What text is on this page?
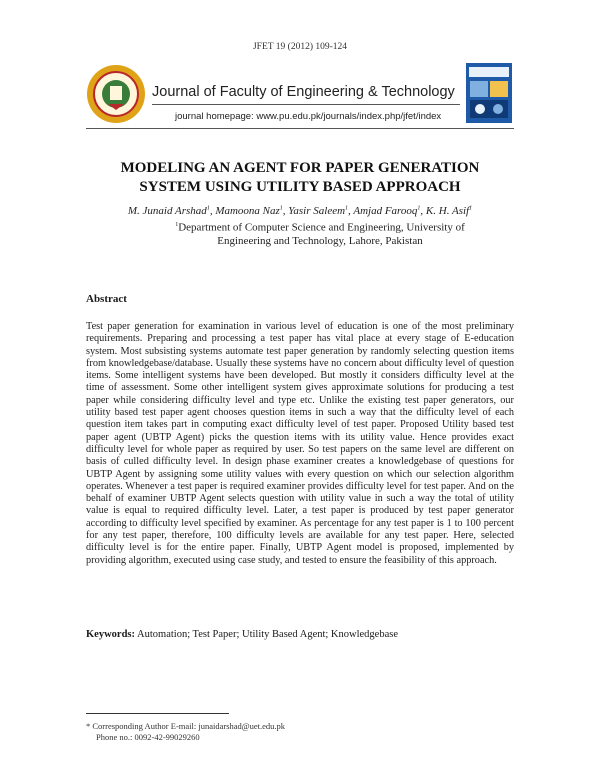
JFET 19 (2012) 109-124
Journal of Faculty of Engineering & Technology
journal homepage: www.pu.edu.pk/journals/index.php/jfet/index
MODELING AN AGENT FOR PAPER GENERATION
SYSTEM USING UTILITY BASED APPROACH
M. Junaid Arshad$^1$, Mamoona Naz$^1$, Yasir Saleem$^1$, Amjad Farooq$^1$, K. H. Asif$^1$
$^1$Department of Computer Science and Engineering, University of Engineering and Technology, Lahore, Pakistan
Abstract
Test paper generation for examination in various level of education is one of the most preliminary requirements. Preparing and processing a test paper has vital place at every stage of E-education system. Most subsisting systems automate test paper generation by randomly selecting question items from knowledgebase/database. Usually these systems have no concern about difficulty level of question items. Some intelligent systems have been developed. But mostly it considers difficulty level at the time of assessment. Some other intelligent system gives approximate solutions for producing a test paper while considering difficulty level and type etc. Unlike the existing test paper generators, our utility based test paper agent chooses question items in such a way that the difficulty level of each question item takes part in computing exact difficulty level of test paper. Proposed Utility based test paper agent (UBTP Agent) picks the question items with its utility value. Hence provides exact difficulty level for whole paper as required by user. So test papers on the same level are different on basis of culled difficulty level. In design phase examiner creates a knowledgebase of questions for UBTP Agent by assigning some utility values with every question on which our selection algorithm operates. Whenever a test paper is required examiner provides difficulty level for test paper. And on the behalf of examiner UBTP Agent selects question with utility value in such a way the total of utility value is equal to required difficulty level. Later, a test paper is produced by test paper generator according to difficulty level specified by examiner. As percentage for any test paper is 1 to 100 percent for any test paper, therefore, 100 difficulty levels are available for any test paper. Here, selected difficulty level is for the entire paper. Finally, UBTP Agent model is proposed, implemented by providing algorithm, executed using case study, and tested to ensure the feasibility of this approach.
Keywords: Automation; Test Paper; Utility Based Agent; Knowledgebase
* Corresponding Author E-mail: junaidarshad@uet.edu.pk
Phone no.: 0092-42-99029260
